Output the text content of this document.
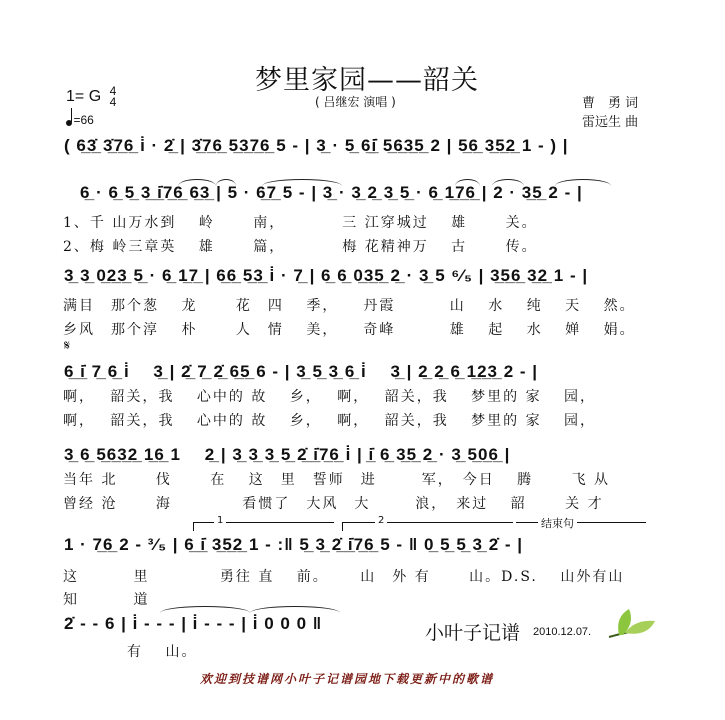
梦里家园——韶关
( 吕继宏 演唱 )	曹　勇 词
雷远生 曲
1= G 4
4
=66
( 6̲3̲̇ 3̲̇7̲6̲ i̇ · 2̲̇ | 3̲̇7̲6̲ 5̲3̲7̲6̲ 5 - | 3̲ · 5̲ 6̲i̲̇ 5̲6̲3̲5̲ 2 | 5̲6̲ 3̲5̲2̲ 1 - ) |
6̲ · 6̲ 5̲ 3̲ i̲̇7̲6̲ 6̲3̲ | 5 · 6̲7̲ 5 - | 3̲ · 3̲ 2̲ 3̲ 5̲ · 6̲ 1̲7̲6̲ | 2 · 3̲5̲ 2 - |
1、千 山万水到　 岭　　 南，　　　　三 江穿城过　 雄　　 关。
2、梅 岭三章英　 雄　　 篇，　　　　梅 花精神万　 古　　 传。
3̲ 3̲ 0̲2̲3̲ 5̲ · 6̲ 1̲7̲ | 6̲6̲ 5̲3̲ i̇ · 7̲ | 6̲ 6̲ 0̲3̲5̲ 2̲ · 3̲ 5 ⁶⁄₅ | 3̲5̲6̲ 3̲2̲ 1 - |
满目　那个葱　 龙　　 花　四　 季，　　丹霞　　　 山　 水　 纯　 天　 然。
乡风　那个淳　 朴　　 人　情　 美，　　奇峰　　　 雄　 起　 水　 婵　 娟。
𝄋
6̲ i̲̇ 7̲ 6̲ i̇　 3̲ | 2̲̇ 7̲ 2̲̇ 6̲5̲ 6 - | 3̲ 5̲ 3̲ 6̲ i̇　 3̲ | 2̲ 2̲ 6̲ 1̲2̲3̲ 2 - |
啊，　 韶关，我　 心中的 故　 乡，　 啊，　 韶关，我　 梦里的 家　 园，
啊，　 韶关，我　 心中的 故　 乡，　 啊，　 韶关，我　 梦里的 家　 园，
3̲ 6̲ 5̲6̲3̲2̲ 1̲6̲ 1　 2̲ | 3̲ 3̲ 3̲ 5̲ 2̲̇ i̲̇7̲6̲ i̇ | i̲̇ 6̲ 3̲5̲ 2̲ · 3̲ 5̲0̲6̲ |
当年 北　　 伐　　 在　 这　里　誓师　进　 　 军，　今日　 腾　　 飞 从
曾经 沧　　 海　　　　 看惯了　大风　大　 　 浪，　来过　 韶　　 关 才
1	2	结束句
1 · 7̲6̲ 2 - ³⁄₅ | 6̲ i̲̇ 3̲5̲2̲ 1 - :‖ 5̲ 3̲ 2̲̇ i̲̇7̲6̲ 5 - ‖ 0̲ 5̲ 5̲ 3̲ 2̇ - |
这　　　 里　　　　 勇往 直　 前。　　 山　外 有　　 山。D.S.　 山外有山
知　　　 道
2̇ - - 6 | i̇ - - - | i̇ - - - | i̇ 0 0 0 ‖
　　　　有　 山。
小叶子记谱 2010.12.07.
欢迎到技谱网小叶子记谱园地下载更新中的歌谱
